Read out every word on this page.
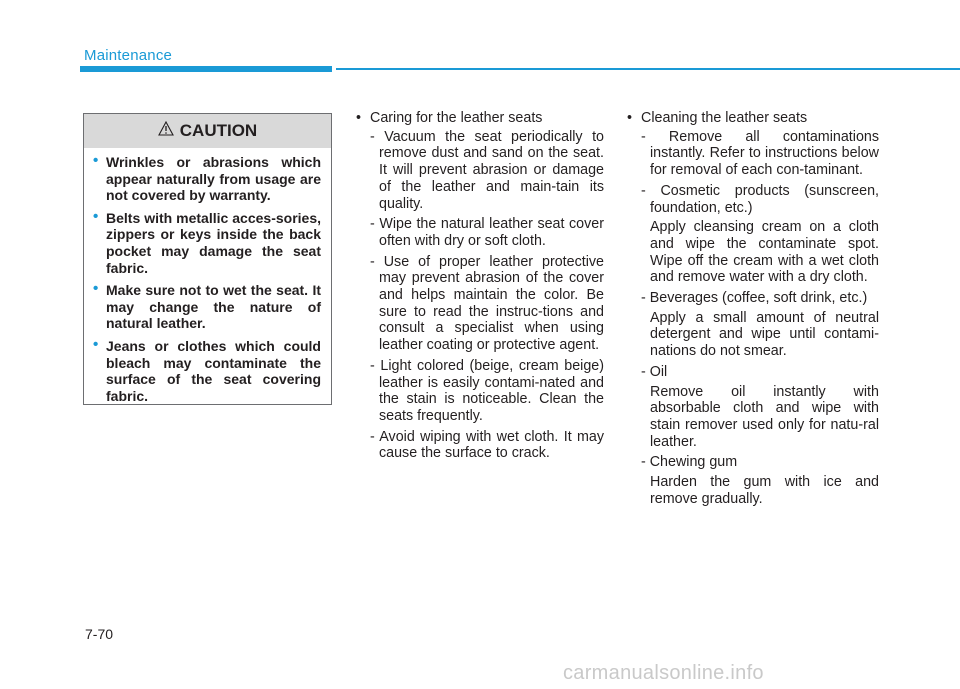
Maintenance
CAUTION
• Wrinkles or abrasions which appear naturally from usage are not covered by warranty.
• Belts with metallic acces-sories, zippers or keys inside the back pocket may damage the seat fabric.
• Make sure not to wet the seat. It may change the nature of natural leather.
• Jeans or clothes which could bleach may contaminate the surface of the seat covering fabric.
• Caring for the leather seats
- Vacuum the seat periodically to remove dust and sand on the seat. It will prevent abrasion or damage of the leather and main-tain its quality.
- Wipe the natural leather seat cover often with dry or soft cloth.
- Use of proper leather protective may prevent abrasion of the cover and helps maintain the color. Be sure to read the instruc-tions and consult a specialist when using leather coating or protective agent.
- Light colored (beige, cream beige) leather is easily contami-nated and the stain is noticeable. Clean the seats frequently.
- Avoid wiping with wet cloth. It may cause the surface to crack.
• Cleaning the leather seats
- Remove all contaminations instantly. Refer to instructions below for removal of each con-taminant.
- Cosmetic products (sunscreen, foundation, etc.)
Apply cleansing cream on a cloth and wipe the contaminate spot. Wipe off the cream with a wet cloth and remove water with a dry cloth.
- Beverages (coffee, soft drink, etc.)
Apply a small amount of neutral detergent and wipe until contami-nations do not smear.
- Oil
Remove oil instantly with absorbable cloth and wipe with stain remover used only for natu-ral leather.
- Chewing gum
Harden the gum with ice and remove gradually.
7-70
carmanualsonline.info
